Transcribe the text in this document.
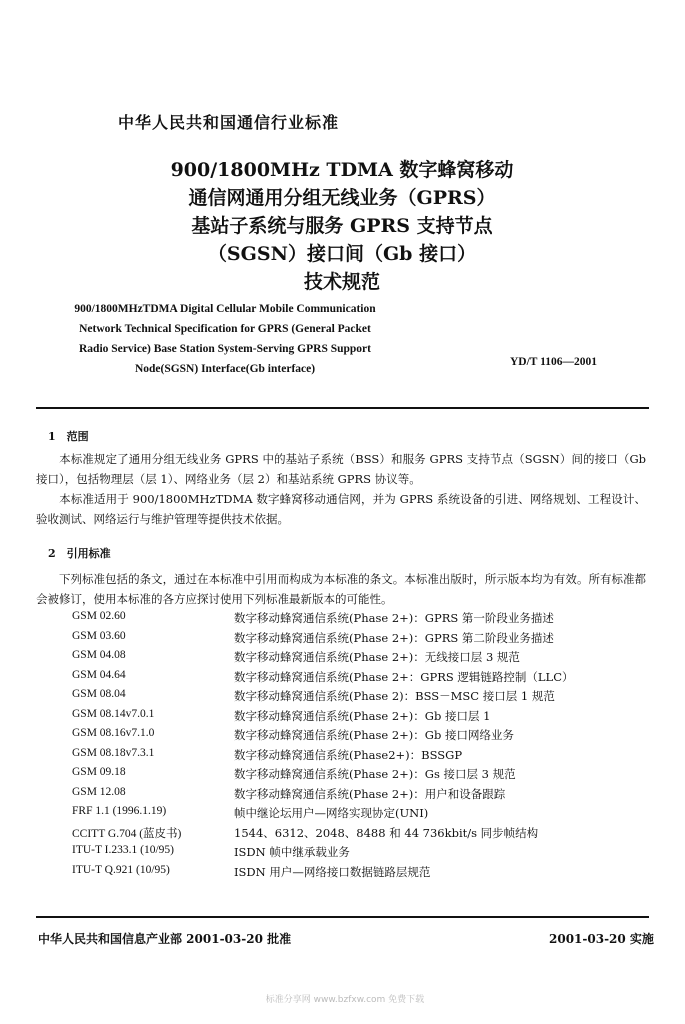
中华人民共和国通信行业标准
900/1800MHz TDMA 数字蜂窝移动
通信网通用分组无线业务（GPRS）
基站子系统与服务 GPRS 支持节点
（SGSN）接口间（Gb 接口）
技术规范
900/1800MHzTDMA Digital Cellular Mobile Communication
Network Technical Specification for GPRS (General Packet
Radio Service) Base Station System-Serving GPRS Support
Node(SGSN) Interface(Gb interface)
YD/T 1106—2001
1　范围
本标准规定了通用分组无线业务 GPRS 中的基站子系统（BSS）和服务 GPRS 支持节点（SGSN）间的接口（Gb 接口），包括物理层（层 1）、网络业务（层 2）和基站系统 GPRS 协议等。
本标准适用于 900/1800MHzTDMA 数字蜂窝移动通信网，并为 GPRS 系统设备的引进、网络规划、工程设计、验收测试、网络运行与维护管理等提供技术依据。
2　引用标准
下列标准包括的条文，通过在本标准中引用而构成为本标准的条文。本标准出版时，所示版本均为有效。所有标准都会被修订，使用本标准的各方应探讨使用下列标准最新版本的可能性。
GSM 02.60	数字移动蜂窝通信系统(Phase 2+)：GPRS 第一阶段业务描述
GSM 03.60	数字移动蜂窝通信系统(Phase 2+)：GPRS 第二阶段业务描述
GSM 04.08	数字移动蜂窝通信系统(Phase 2+)：无线接口层 3 规范
GSM 04.64	数字移动蜂窝通信系统(Phase 2+：GPRS 逻辑链路控制（LLC）
GSM 08.04	数字移动蜂窝通信系统(Phase 2)：BSS－MSC 接口层 1 规范
GSM 08.14v7.0.1	数字移动蜂窝通信系统(Phase 2+)：Gb 接口层 1
GSM 08.16v7.1.0	数字移动蜂窝通信系统(Phase 2+)：Gb 接口网络业务
GSM 08.18v7.3.1	数字移动蜂窝通信系统(Phase2+)：BSSGP
GSM 09.18	数字移动蜂窝通信系统(Phase 2+)：Gs 接口层 3 规范
GSM 12.08	数字移动蜂窝通信系统(Phase 2+)：用户和设备跟踪
FRF 1.1 (1996.1.19)	帧中继论坛用户—网络实现协定(UNI)
CCITT G.704 (蓝皮书)	1544、6312、2048、8488 和 44 736kbit/s 同步帧结构
ITU-T I.233.1 (10/95)	ISDN 帧中继承载业务
ITU-T Q.921 (10/95)	ISDN 用户—网络接口数据链路层规范
中华人民共和国信息产业部 2001-03-20 批准	2001-03-20 实施
标准分享网 www.bzfxw.com 免费下载
